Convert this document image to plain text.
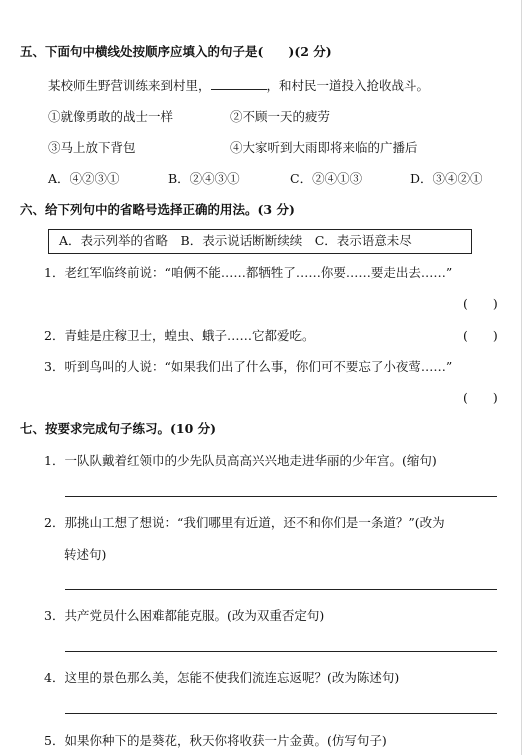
五、下面句中横线处按顺序应填入的句子是(　　)(2 分)
某校师生野营训练来到村里，	，和村民一道投入抢收战斗。
①就像勇敢的战士一样	②不顾一天的疲劳
③马上放下背包	④大家听到大雨即将来临的广播后
A．④②③①	B．②④③①	C．②④①③	D．③④②①
六、给下列句中的省略号选择正确的用法。(3 分)
A．表示列举的省略　B．表示说话断断续续　C．表示语意未尽
1．老红军临终前说：“咱俩不能……都牺牲了……你要……要走出去……”
(　　)
2．青蛙是庄稼卫士，蝗虫、蛾子……它都爱吃。	(　　)
3．听到鸟叫的人说：“如果我们出了什么事，你们可不要忘了小夜莺……”
(　　)
七、按要求完成句子练习。(10 分)
1．一队队戴着红领巾的少先队员高高兴兴地走进华丽的少年宫。(缩句)
2．那挑山工想了想说：“我们哪里有近道，还不和你们是一条道？”(改为
转述句)
3．共产党员什么困难都能克服。(改为双重否定句)
4．这里的景色那么美，怎能不使我们流连忘返呢？(改为陈述句)
5．如果你种下的是葵花，秋天你将收获一片金黄。(仿写句子)
